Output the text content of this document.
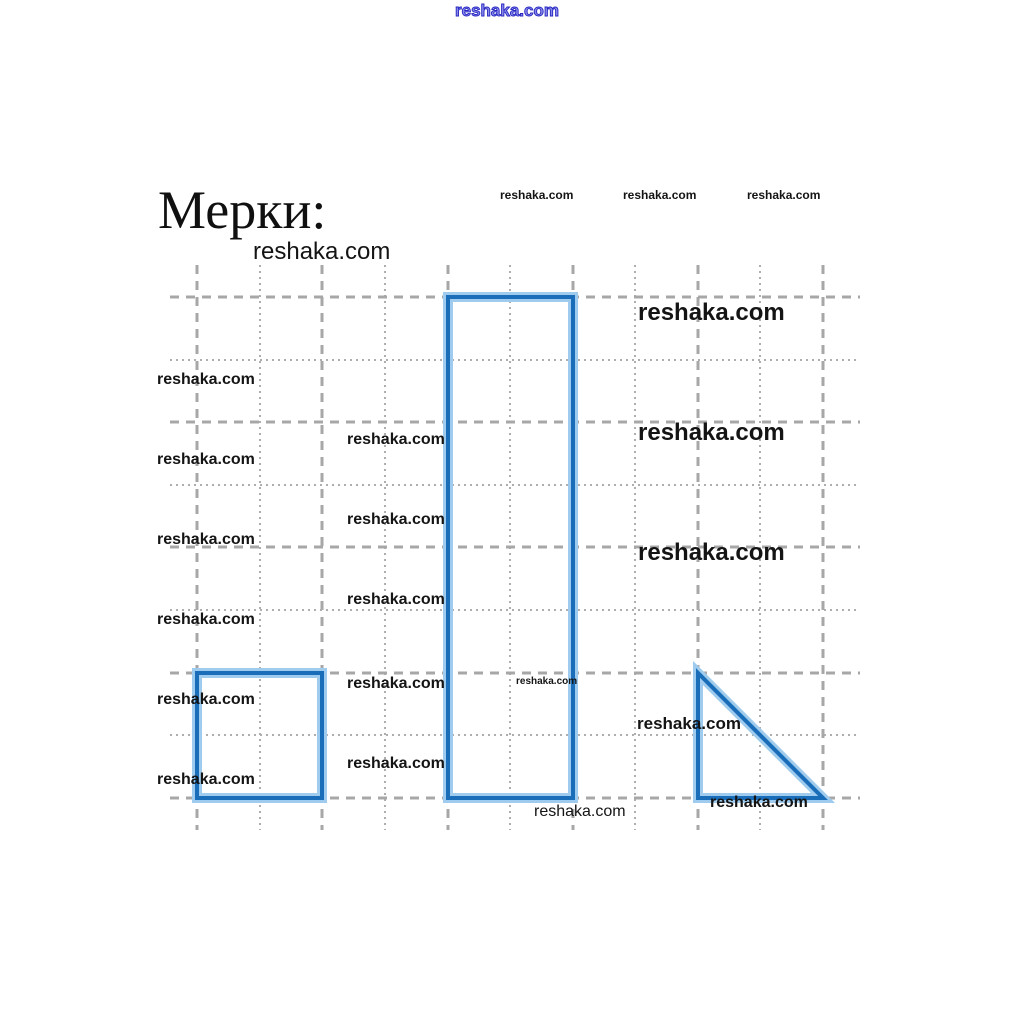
Мерки:
reshaka.com
reshaka.com	reshaka.com	reshaka.com
reshaka.com
reshaka.com
reshaka.com
reshaka.com
reshaka.com
reshaka.com
reshaka.com
reshaka.com
reshaka.com
reshaka.com
reshaka.com
reshaka.com
reshaka.com
reshaka.com
reshaka.com
reshaka.com
reshaka.com
reshaka.com
reshaka.com
